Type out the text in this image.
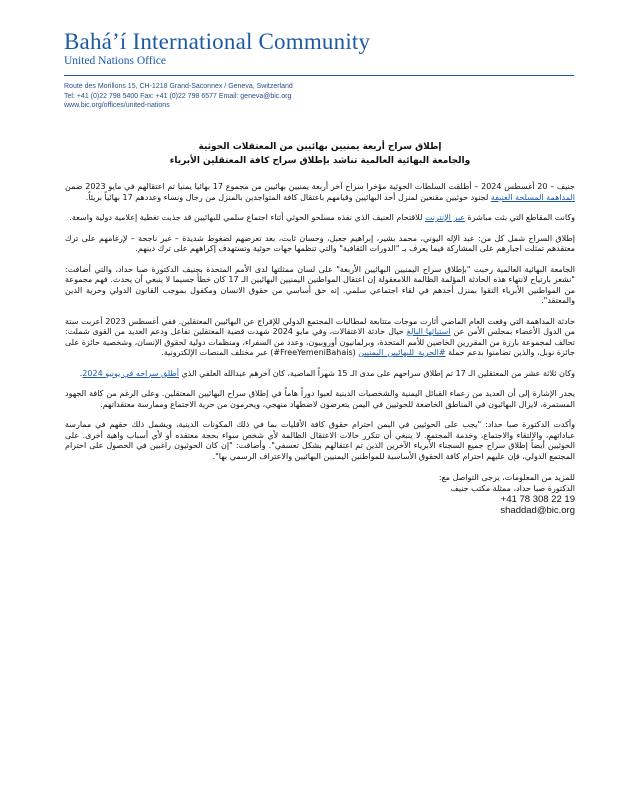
Bahá’í International Community
United Nations Office
Route des Morillons 15, CH-1218 Grand-Saconnex / Geneva, Switzerland
Tel: +41 (0)22 798 5400 Fax: +41 (0)22 798 6577 Email: geneva@bic.org
www.bic.org/offices/united-nations
إطلاق سراح أربعة يمنيين بهائيين من المعتقلات الحوثية
والجامعة البهائية العالمية تناشد بإطلاق سراح كافة المعتقلين الأبرياء

جنيف – 20 أغسطس 2024 – أطلقت السلطات الحوثية مؤخرا سراح آخر أربعة يمنيين بهائيين من مجموع 17 بهائيا يمنيا تم اعتقالهم في مايو 2023 ضمن المداهمة المسلحة العنيفة لجنود حوثيين مقنعين لمنزل أحد البهائيين وقيامهم باعتقال كافة المتواجدين بالمنزل من رجال ونساء وعددهم 17 بهائياً بريئاً.

وكانت المقاطع التي بثت مباشرة عبر الإنترنت للاقتحام العنيف الذي نفذه مسلحو الحوثي أثناء اجتماع سلمي للبهائيين قد جذبت تغطية إعلامية دولية واسعة.

إطلاق السراح شمل كل من: عبد الإله اليوني، محمد بشير، إبراهيم جعبل، وحسان ثابت، بعد تعرضهم لضغوط شديدة – غير ناجحة – لإرغامهم على ترك معتقدهم تمثلت اجبارهم على المشاركة فيما يعرف بـ "الدورات الثقافية" والتي تنظمها جهات حوثية وتستهدف إكراههم على ترك دينهم.

الجامعة البهائية العالمية رحبت "بإطلاق سراح اليمنيين البهائيين الأربعة" على لسان ممثلتها لدى الأمم المتحدة بجنيف الدكتورة صبا حداد، والتي أضافت: "نشعر بارتياح لانتهاء هذه الحادثة المؤلمة الظالمة اللامعقولة إن اعتقال المواطنين اليمنيين البهائيين الـ 17 كان خطأ جسيما لا ينبغي أن يحدث. فهم مجموعة من المواطنين الأبرياء التقوا بمنزل أحدهم في لقاء اجتماعي سلمي. إنه حق أساسي من حقوق الانسان ومكفول بموجب القانون الدولي وحرية الدين والمعتقد".

حادثة المداهمة التي وقعت العام الماضي أثارت موجات متتابعة لمطالبات المجتمع الدولي للإفراج عن البهائيين المعتقلين. ففي أغسطس 2023 أعربت ستة من الدول الأعضاء بمجلس الأمن عن استيائها البالغ حيال حادثة الاعتقالات، وفي مايو 2024 شهدت قضية المعتقلين تفاعل ودعم العديد من القوى شملت: تحالف لمجموعة بارزة من المقررين الخاصين للأمم المتحدة، وبرلمانيون أوروبيون، وعدد من السفراء، ومنظمات دولية لحقوق الإنسان، وشخصية حائزة على جائزة نوبل، والذين تضامنوا بدعم حملة #الحرية_للبهائيين_اليمنيين (FreeYemeniBahais#) عبر مختلف المنصات الإلكترونية.

وكان ثلاثة عشر من المعتقلين الـ 17 تم إطلاق سراحهم على مدى الـ 15 شهراً الماضية، كان آخرهم عبدالله العلفي الذي أطلق سراحه في يونيو 2024.

يجدر الإشارة إلى أن العديد من زعماء القبائل اليمنية والشخصيات الدينية لعبوا دوراً هاماً في إطلاق سراح البهائيين المعتقلين. وعلى الرغم من كافة الجهود المستمرة، لايزال البهائيون في المناطق الخاضعة للحوثيين في اليمن يتعرضون لاضطهاد منهجي، ويحرمون من حرية الاجتماع وممارسة معتقداتهم.

وأكدت الدكتورة صبا حداد: "يجب على الحوثيين في اليمن احترام حقوق كافة الأقليات بما في ذلك المكونات الدينية، ويشمل ذلك حقهم في ممارسة عباداتهم، والالتقاء والاجتماع، وخدمة المجتمع. لا ينبغي أن تتكرر حالات الاعتقال الظالمة لأي شخص سواء بحجة معتقده أو لأي أسباب واهية أخرى. على الحوثيين أيضاً إطلاق سراح جميع السجناء الأبرياء الآخرين الذين تم اعتقالهم بشكل تعسفي". وأضافت: "إن كان الحوثيون راغبين في الحصول على احترام المجتمع الدولي، فإن عليهم احترام كافة الحقوق الأساسية للمواطنين اليمنيين البهائيين والاعتراف الرسمي بها".

للمزيد من المعلومات، يرجى التواصل مع:
الدكتورة صبا حداد، ممثلة مكتب جنيف
+41 78 308 22 19
shaddad@bic.org
